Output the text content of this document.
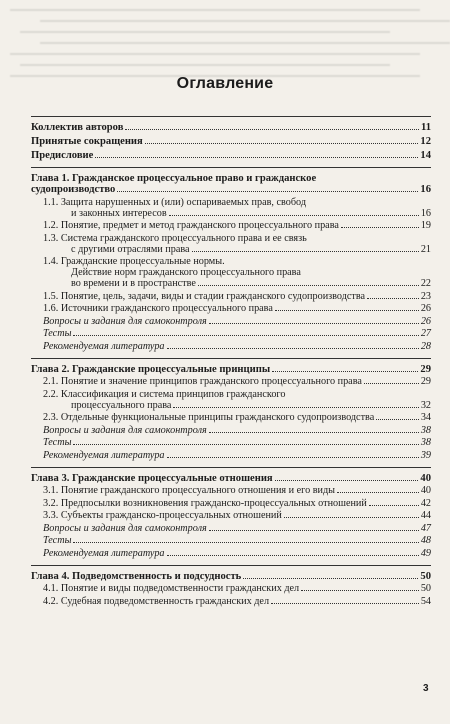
Оглавление
Коллектив авторов	11
Принятые сокращения	12
Предисловие	14
Глава 1. Гражданское процессуальное право и гражданское
судопроизводство	16
1.1. Защита нарушенных и (или) оспариваемых прав, свобод
и законных интересов	16
1.2. Понятие, предмет и метод гражданского процессуального права	19
1.3. Система гражданского процессуального права и ее связь
с другими отраслями права	21
1.4. Гражданские процессуальные нормы.
Действие норм гражданского процессуального права
во времени и в пространстве	22
1.5. Понятие, цель, задачи, виды и стадии гражданского судопроизводства	23
1.6. Источники гражданского процессуального права	26
Вопросы и задания для самоконтроля	26
Тесты	27
Рекомендуемая литература	28
Глава 2. Гражданские процессуальные принципы	29
2.1. Понятие и значение принципов гражданского процессуального права	29
2.2. Классификация и система принципов гражданского
процессуального права	32
2.3. Отдельные функциональные принципы гражданского судопроизводства	34
Вопросы и задания для самоконтроля	38
Тесты	38
Рекомендуемая литература	39
Глава 3. Гражданские процессуальные отношения	40
3.1. Понятие гражданского процессуального отношения и его виды	40
3.2. Предпосылки возникновения гражданско-процессуальных отношений	42
3.3. Субъекты гражданско-процессуальных отношений	44
Вопросы и задания для самоконтроля	47
Тесты	48
Рекомендуемая литература	49
Глава 4. Подведомственность и подсудность	50
4.1. Понятие и виды подведомственности гражданских дел	50
4.2. Судебная подведомственность гражданских дел	54
3
